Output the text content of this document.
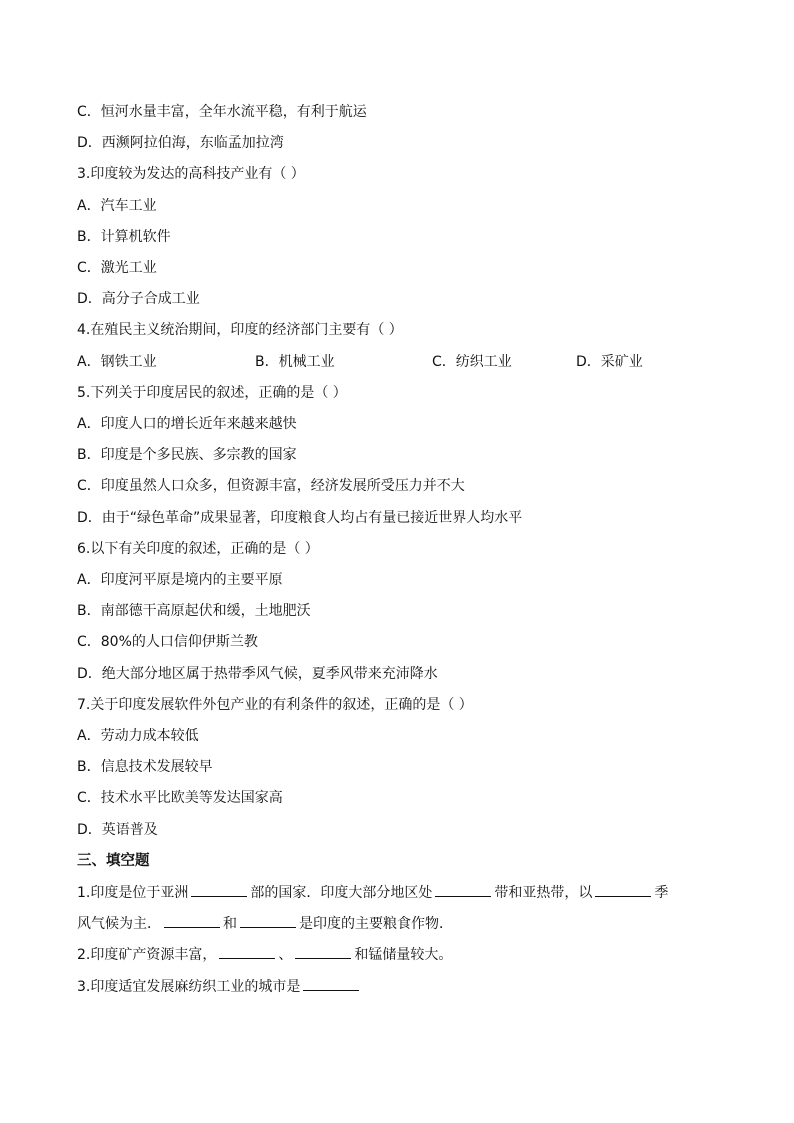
C．恒河水量丰富，全年水流平稳，有利于航运
D．西濒阿拉伯海，东临孟加拉湾
3.印度较为发达的高科技产业有（ ）
A．汽车工业
B．计算机软件
C．激光工业
D．高分子合成工业
4.在殖民主义统治期间，印度的经济部门主要有（ ）
A．钢铁工业	B．机械工业	C．纺织工业	D．采矿业
5.下列关于印度居民的叙述，正确的是（ ）
A．印度人口的增长近年来越来越快
B．印度是个多民族、多宗教的国家
C．印度虽然人口众多，但资源丰富，经济发展所受压力并不大
D．由于“绿色革命”成果显著，印度粮食人均占有量已接近世界人均水平
6.以下有关印度的叙述，正确的是（ ）
A．印度河平原是境内的主要平原
B．南部德干高原起伏和缓，土地肥沃
C．80%的人口信仰伊斯兰教
D．绝大部分地区属于热带季风气候，夏季风带来充沛降水
7.关于印度发展软件外包产业的有利条件的叙述，正确的是（ ）
A．劳动力成本较低
B．信息技术发展较早
C．技术水平比欧美等发达国家高
D．英语普及
三、填空题
1.印度是位于亚洲	部的国家．印度大部分地区处	带和亚热带，以	季
风气候为主．	和	是印度的主要粮食作物．
2.印度矿产资源丰富，	、	和锰储量较大。
3.印度适宜发展麻纺织工业的城市是
